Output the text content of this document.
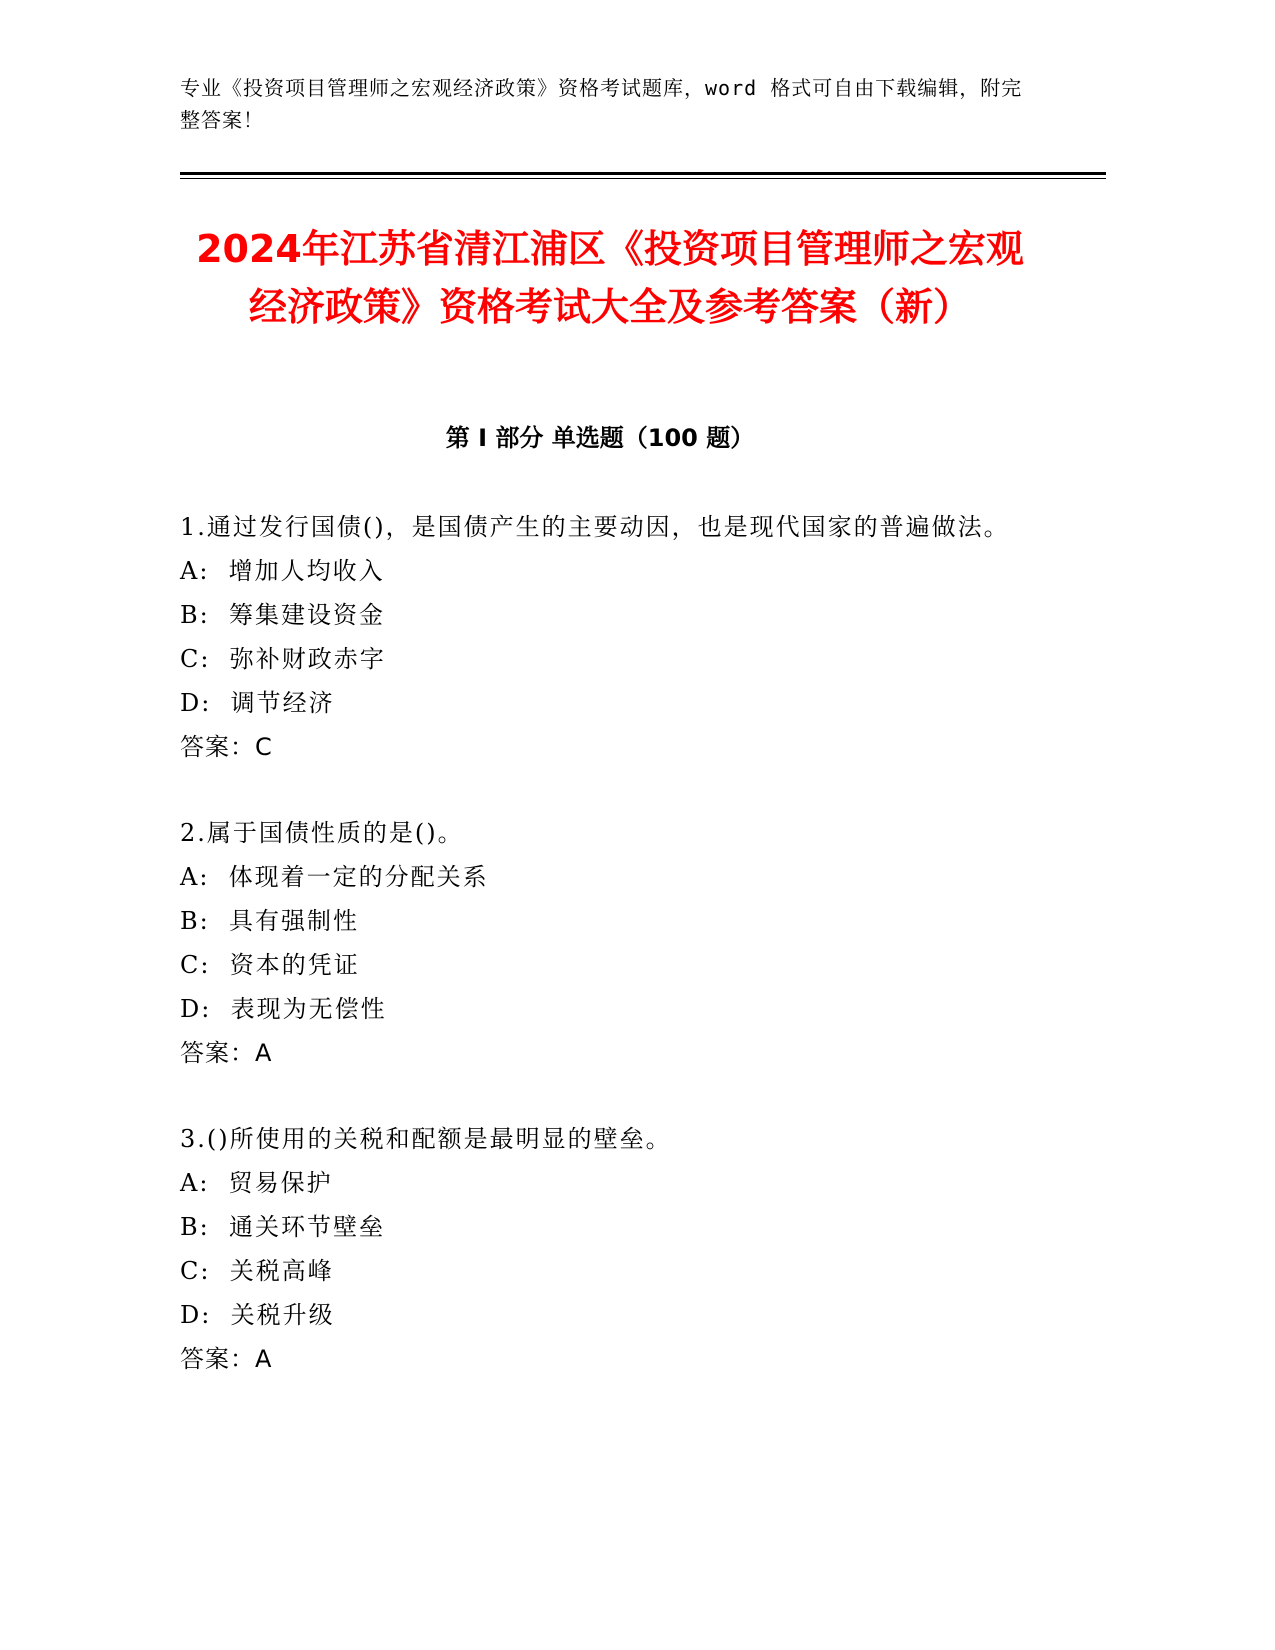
专业《投资项目管理师之宏观经济政策》资格考试题库，word 格式可自由下载编辑，附完整答案！
2024年江苏省清江浦区《投资项目管理师之宏观经济政策》资格考试大全及参考答案（新）
第 I 部分 单选题（100 题）
1.通过发行国债()，是国债产生的主要动因，也是现代国家的普遍做法。
A:  增加人均收入
B:  筹集建设资金
C:  弥补财政赤字
D:  调节经济
答案：C
2.属于国债性质的是()。
A:  体现着一定的分配关系
B:  具有强制性
C:  资本的凭证
D:  表现为无偿性
答案：A
3.()所使用的关税和配额是最明显的壁垒。
A:  贸易保护
B:  通关环节壁垒
C:  关税高峰
D:  关税升级
答案：A
